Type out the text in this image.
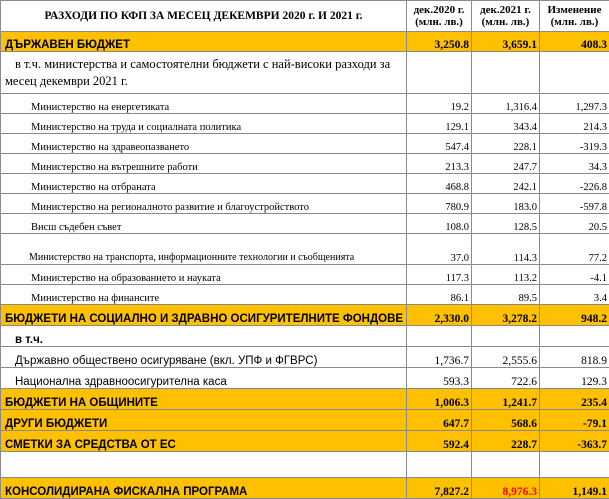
РАЗХОДИ ПО КФП ЗА МЕСЕЦ ДЕКЕМВРИ 2020 г. И 2021 г.	дек.2020 г. (млн. лв.)	дек.2021 г. (млн. лв.)	Изменение (млн. лв.)
ДЪРЖАВЕН БЮДЖЕТ	3,250.8	3,659.1	408.3
в т.ч. министерства и самостоятелни бюджети с най-високи разходи за месец декември 2021 г.			
Министерство на енергетиката	19.2	1,316.4	1,297.3
Министерство на труда и социалната политика	129.1	343.4	214.3
Министерство на здравеопазването	547.4	228.1	-319.3
Министерство на вътрешните работи	213.3	247.7	34.3
Министерство на отбраната	468.8	242.1	-226.8
Министерство на регионалното развитие и благоустройството	780.9	183.0	-597.8
Висш съдебен съвет	108.0	128.5	20.5
Министерство на транспорта, информационните технологии и съобщенията	37.0	114.3	77.2
Министерство на образованието и науката	117.3	113.2	-4.1
Министерство на финансите	86.1	89.5	3.4
БЮДЖЕТИ НА СОЦИАЛНО И ЗДРАВНО ОСИГУРИТЕЛНИТЕ ФОНДОВЕ	2,330.0	3,278.2	948.2
в т.ч.			
Държавно обществено осигуряване (вкл. УПФ и ФГВРС)	1,736.7	2,555.6	818.9
Национална здравноосигурителна каса	593.3	722.6	129.3
БЮДЖЕТИ НА ОБЩИНИТЕ	1,006.3	1,241.7	235.4
ДРУГИ БЮДЖЕТИ	647.7	568.6	-79.1
СМЕТКИ ЗА СРЕДСТВА ОТ ЕС	592.4	228.7	-363.7

КОНСОЛИДИРАНА ФИСКАЛНА ПРОГРАМА	7,827.2	8,976.3	1,149.1
